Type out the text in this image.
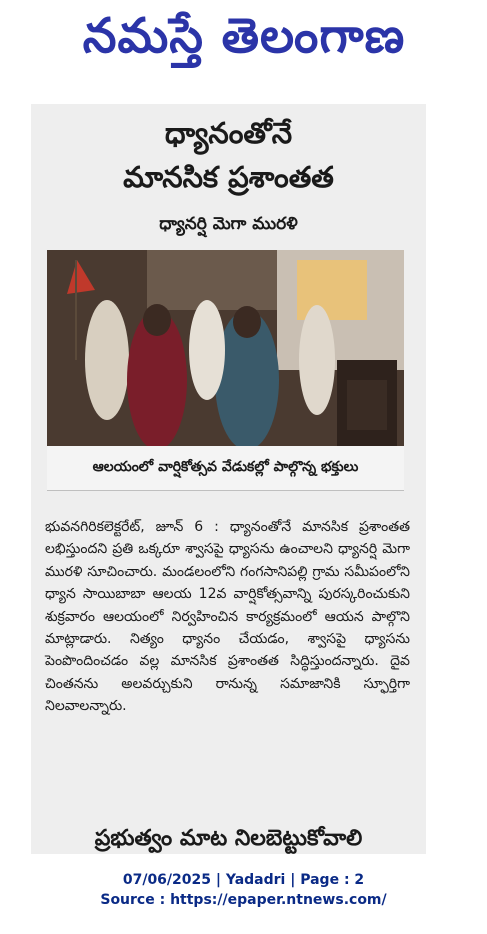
నమస్తే తెలంగాణ
ధ్యానంతోనే
మానసిక ప్రశాంతత
ధ్యానర్షి మెగా మురళి
ఆలయంలో వార్షికోత్సవ వేడుకల్లో పాల్గొన్న భక్తులు
భువనగిరికలెక్టరేట్, జూన్ 6 : ధ్యానంతోనే మానసిక ప్రశాంతత లభిస్తుందని ప్రతి ఒక్కరూ శ్వాసపై ధ్యాసను ఉంచాలని ధ్యానర్షి మెగా మురళి సూచించారు. మండలంలోని గంగసానిపల్లి గ్రామ సమీపంలోని ధ్యాన సాయిబాబా ఆలయ 12వ వార్షికోత్సవాన్ని పురస్కరించుకుని శుక్రవారం ఆలయంలో నిర్వహించిన కార్యక్రమంలో ఆయన పాల్గొని మాట్లాడారు. నిత్యం ధ్యానం చేయడం, శ్వాసపై ధ్యాసను పెంపొందించడం వల్ల మానసిక ప్రశాంతత సిద్ధిస్తుందన్నారు. దైవ చింతనను అలవర్చుకుని రానున్న సమాజానికి స్ఫూర్తిగా నిలవాలన్నారు.
ప్రభుత్వం మాట నిలబెట్టుకోవాలి
07/06/2025 | Yadadri | Page : 2
Source : https://epaper.ntnews.com/
